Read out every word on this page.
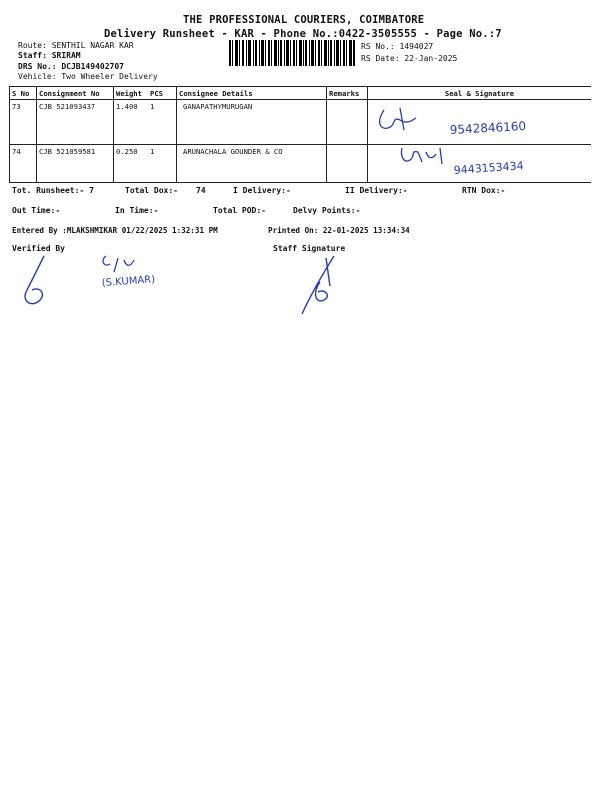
THE PROFESSIONAL COURIERS, COIMBATORE
Delivery Runsheet - KAR - Phone No.:0422-3505555 - Page No.:7
Route: SENTHIL NAGAR KAR
Staff: SRIRAM
DRS No.: DCJB149402707
Vehicle: Two Wheeler Delivery
RS No.: 1494027
RS Date: 22-Jan-2025
S No	Consignment No	Weight	PCS	Consignee Details	Remarks	Seal & Signature
73	CJB 521093437	1.400	1	GANAPATHYMURUGAN		
74	CJB 521059581	0.250	1	ARUNACHALA GOUNDER & CO		
9542846160
9443153434
Tot. Runsheet:- 7	Total Dox:- 74	I Delivery:-	II Delivery:-	RTN Dox:-
Out Time:-	In Time:-	Total POD:-	Delvy Points:-
Entered By :MLAKSHMIKAR 01/22/2025 1:32:31 PM	Printed On: 22-01-2025 13:34:34
Verified By	Staff Signature
(S.KUMAR)
